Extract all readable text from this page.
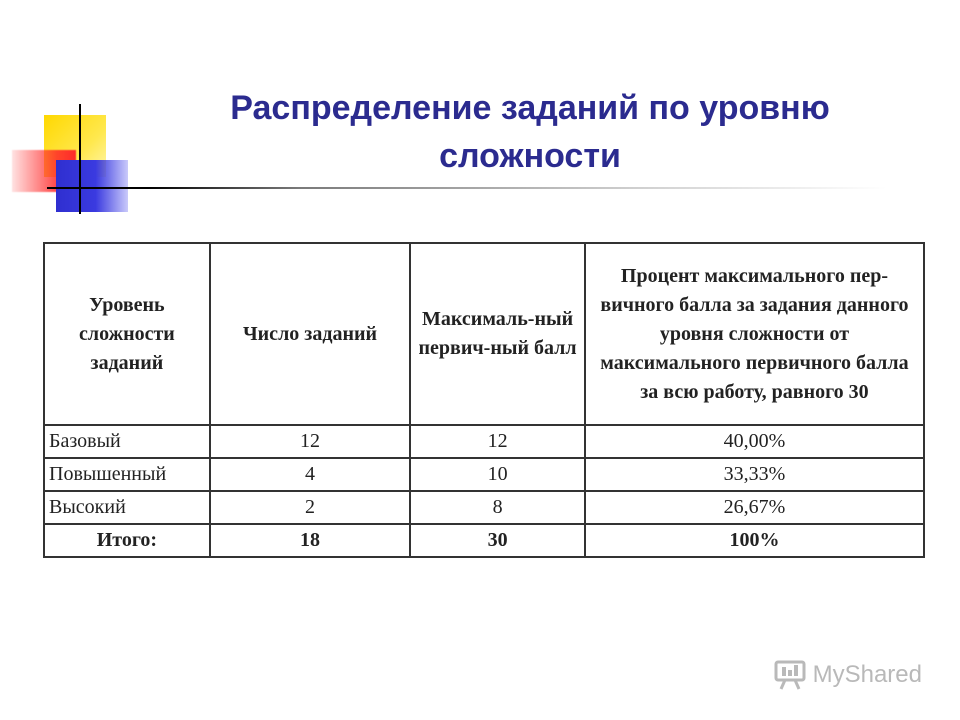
Распределение заданий по уровню сложности
Уровень сложности заданий	Число заданий	Максималь-ный первич-ный балл	Процент максимального пер-вичного балла за задания данного уровня сложности от максимального первичного балла за всю работу, равного 30
Базовый	12	12	40,00%
Повышенный	4	10	33,33%
Высокий	2	8	26,67%
Итого:	18	30	100%
MyShared
